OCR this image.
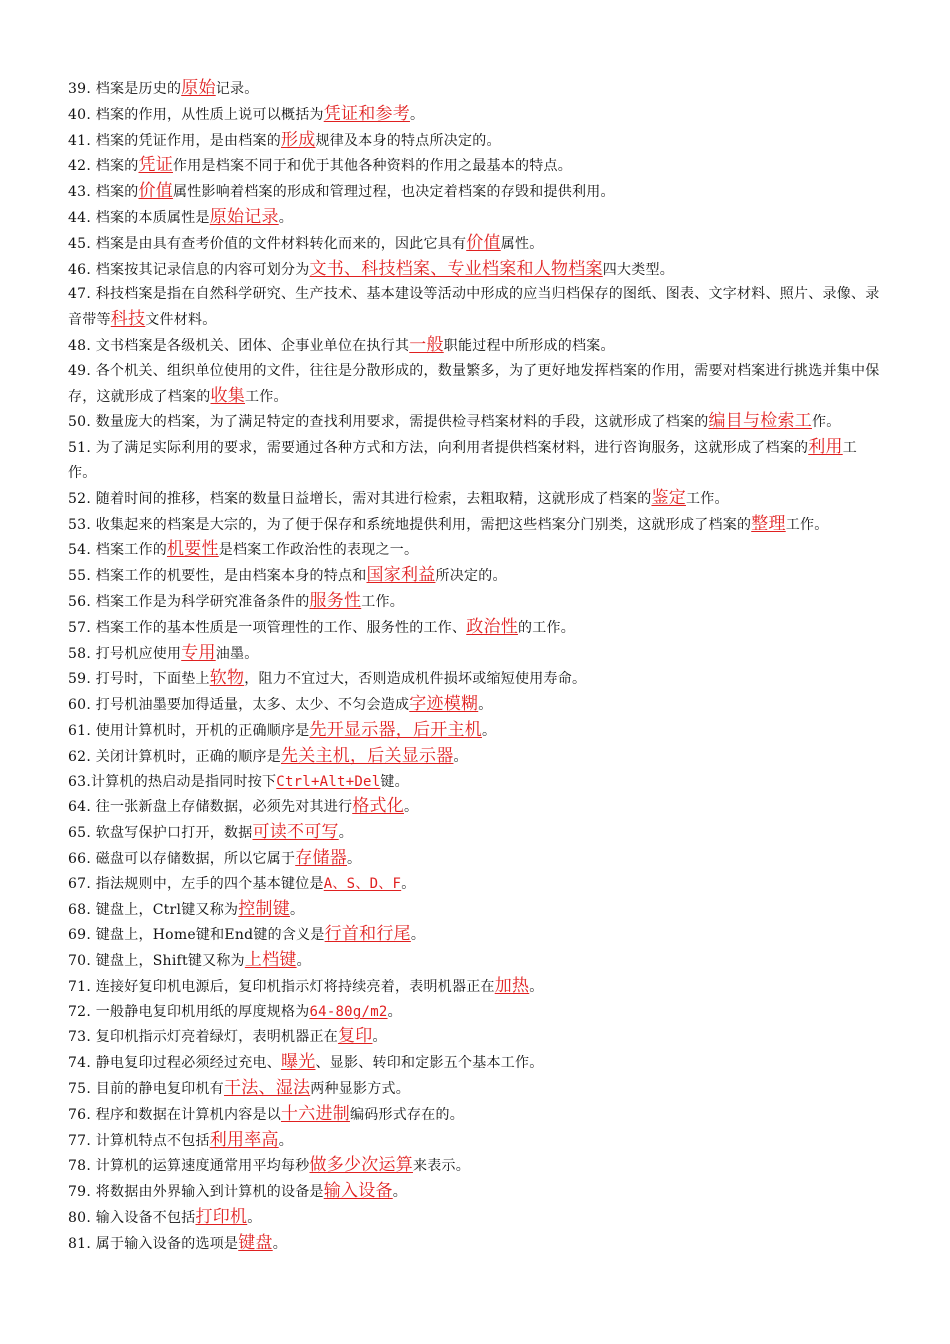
39. 档案是历史的原始记录。

40. 档案的作用，从性质上说可以概括为凭证和参考。

41. 档案的凭证作用，是由档案的形成规律及本身的特点所决定的。

42. 档案的凭证作用是档案不同于和优于其他各种资料的作用之最基本的特点。

43. 档案的价值属性影响着档案的形成和管理过程，也决定着档案的存毁和提供利用。

44. 档案的本质属性是原始记录。

45. 档案是由具有查考价值的文件材料转化而来的，因此它具有价值属性。

46. 档案按其记录信息的内容可划分为文书、科技档案、专业档案和人物档案四大类型。

47. 科技档案是指在自然科学研究、生产技术、基本建设等活动中形成的应当归档保存的图纸、图表、文字材料、照片、录像、录音带等科技文件材料。

48. 文书档案是各级机关、团体、企事业单位在执行其一般职能过程中所形成的档案。

49. 各个机关、组织单位使用的文件，往往是分散形成的，数量繁多，为了更好地发挥档案的作用，需要对档案进行挑选并集中保存，这就形成了档案的收集工作。

50. 数量庞大的档案，为了满足特定的查找利用要求，需提供检寻档案材料的手段，这就形成了档案的编目与检索工作。

51. 为了满足实际利用的要求，需要通过各种方式和方法，向利用者提供档案材料，进行咨询服务，这就形成了档案的利用工作。

52. 随着时间的推移，档案的数量日益增长，需对其进行检索，去粗取精，这就形成了档案的鉴定工作。

53. 收集起来的档案是大宗的，为了便于保存和系统地提供利用，需把这些档案分门别类，这就形成了档案的整理工作。

54. 档案工作的机要性是档案工作政治性的表现之一。

55. 档案工作的机要性，是由档案本身的特点和国家利益所决定的。

56. 档案工作是为科学研究准备条件的服务性工作。

57. 档案工作的基本性质是一项管理性的工作、服务性的工作、政治性的工作。

58. 打号机应使用专用油墨。

59. 打号时，下面垫上软物，阻力不宜过大，否则造成机件损坏或缩短使用寿命。

60. 打号机油墨要加得适量，太多、太少、不匀会造成字迹模糊。

61. 使用计算机时，开机的正确顺序是先开显示器，后开主机。

62. 关闭计算机时，正确的顺序是先关主机，后关显示器。

63.计算机的热启动是指同时按下Ctrl+Alt+Del键。

64. 往一张新盘上存储数据，必须先对其进行格式化。

65. 软盘写保护口打开，数据可读不可写。

66. 磁盘可以存储数据，所以它属于存储器。

67. 指法规则中，左手的四个基本键位是A、S、D、F。

68. 键盘上，Ctrl键又称为控制键。

69. 键盘上，Home键和End键的含义是行首和行尾。

70. 键盘上，Shift键又称为上档键。

71. 连接好复印机电源后，复印机指示灯将持续亮着，表明机器正在加热。

72. 一般静电复印机用纸的厚度规格为64-80g/m2。

73. 复印机指示灯亮着绿灯，表明机器正在复印。

74. 静电复印过程必须经过充电、曝光、显影、转印和定影五个基本工作。

75. 目前的静电复印机有干法、湿法两种显影方式。

76. 程序和数据在计算机内容是以十六进制编码形式存在的。

77. 计算机特点不包括利用率高。

78. 计算机的运算速度通常用平均每秒做多少次运算来表示。

79. 将数据由外界输入到计算机的设备是输入设备。

80. 输入设备不包括打印机。

81. 属于输入设备的选项是键盘。
